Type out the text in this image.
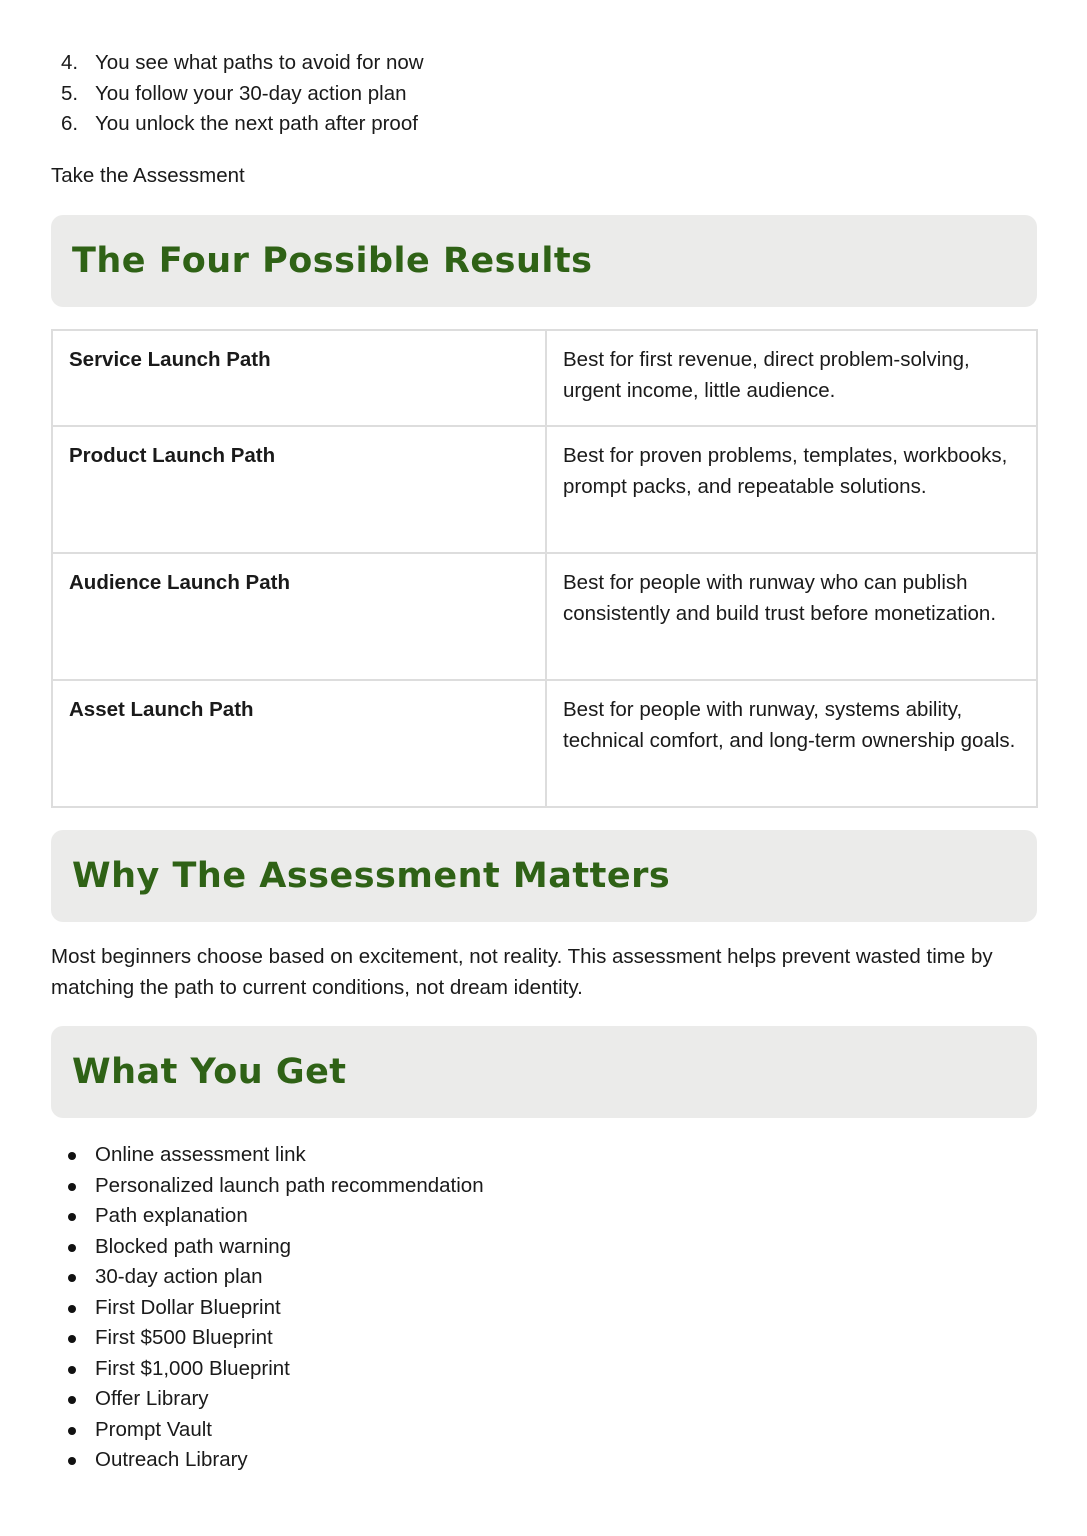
4. You see what paths to avoid for now
5. You follow your 30-day action plan
6. You unlock the next path after proof
Take the Assessment
The Four Possible Results
Service Launch Path	Best for first revenue, direct problem-solving, urgent income, little audience.
Product Launch Path	Best for proven problems, templates, workbooks, prompt packs, and repeatable solutions.
Audience Launch Path	Best for people with runway who can publish consistently and build trust before monetization.
Asset Launch Path	Best for people with runway, systems ability, technical comfort, and long-term ownership goals.
Why The Assessment Matters

Most beginners choose based on excitement, not reality. This assessment helps prevent wasted time by matching the path to current conditions, not dream identity.

What You Get
Online assessment link
Personalized launch path recommendation
Path explanation
Blocked path warning
30-day action plan
First Dollar Blueprint
First $500 Blueprint
First $1,000 Blueprint
Offer Library
Prompt Vault
Outreach Library
